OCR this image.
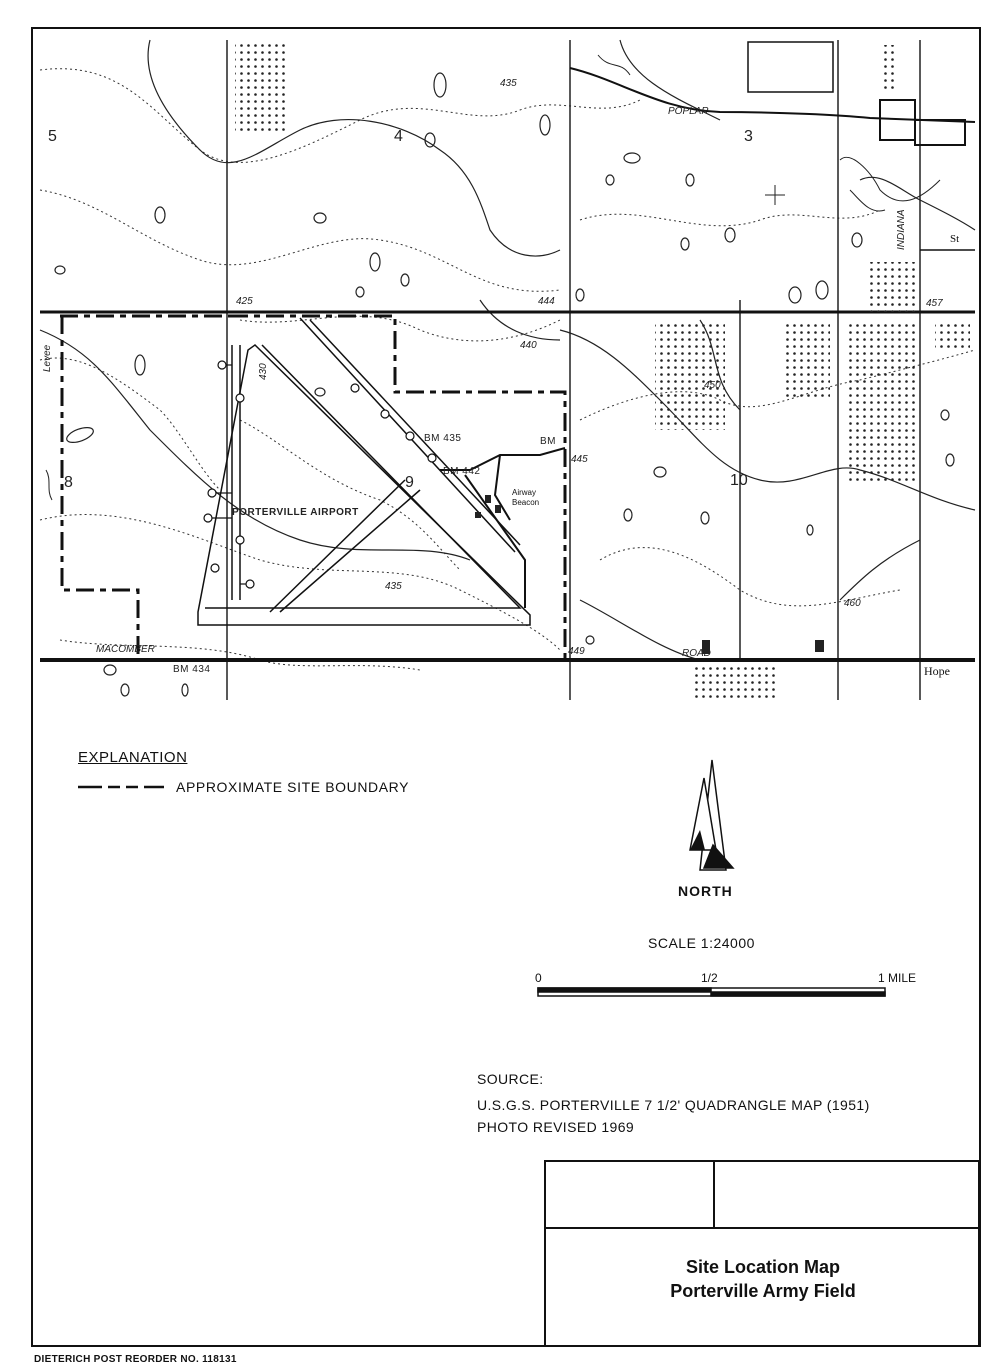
5	4	3
8	9	10
PORTERVILLE AIRPORT
POPLAR
INDIANA
MACOMBER	ROAD
Hope
St
BM 435
BM 442
BM
BM 434
435
425	444
440
430
450
457
445
449
460
435
Levee
Airway Beacon
EXPLANATION
APPROXIMATE SITE BOUNDARY
NORTH
SCALE 1:24000
0	1/2	1 MILE
SOURCE:
U.S.G.S. PORTERVILLE 7 1/2' QUADRANGLE MAP (1951)
PHOTO REVISED 1969
Site Location Map
Porterville Army Field
DIETERICH POST REORDER NO. 118131
